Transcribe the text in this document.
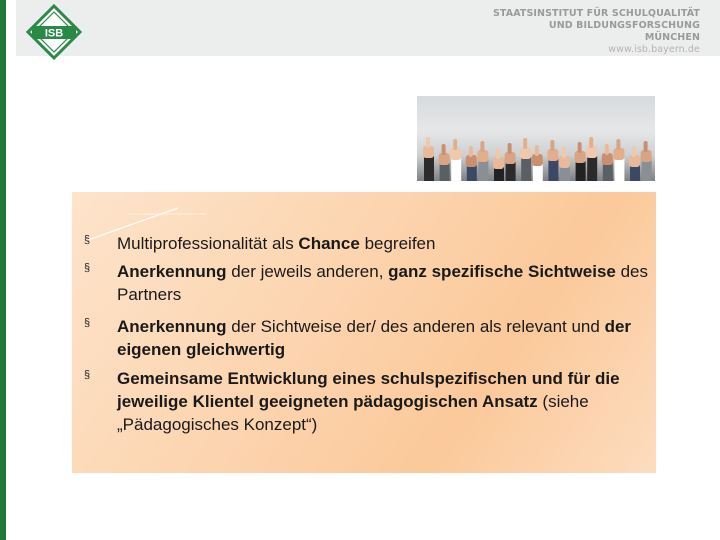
ISB
STAATSINSTITUT FÜR SCHULQUALITÄT
UND BILDUNGSFORSCHUNG
MÜNCHEN
www.isb.bayern.de
§ Multiprofessionalität als Chance begreifen
§ Anerkennung der jeweils anderen, ganz spezifische Sichtweise des Partners
§ Anerkennung der Sichtweise der/ des anderen als relevant und der eigenen gleichwertig
§ Gemeinsame Entwicklung eines schulspezifischen und für die jeweilige Klientel geeigneten pädagogischen Ansatz (siehe „Pädagogisches Konzept“)
